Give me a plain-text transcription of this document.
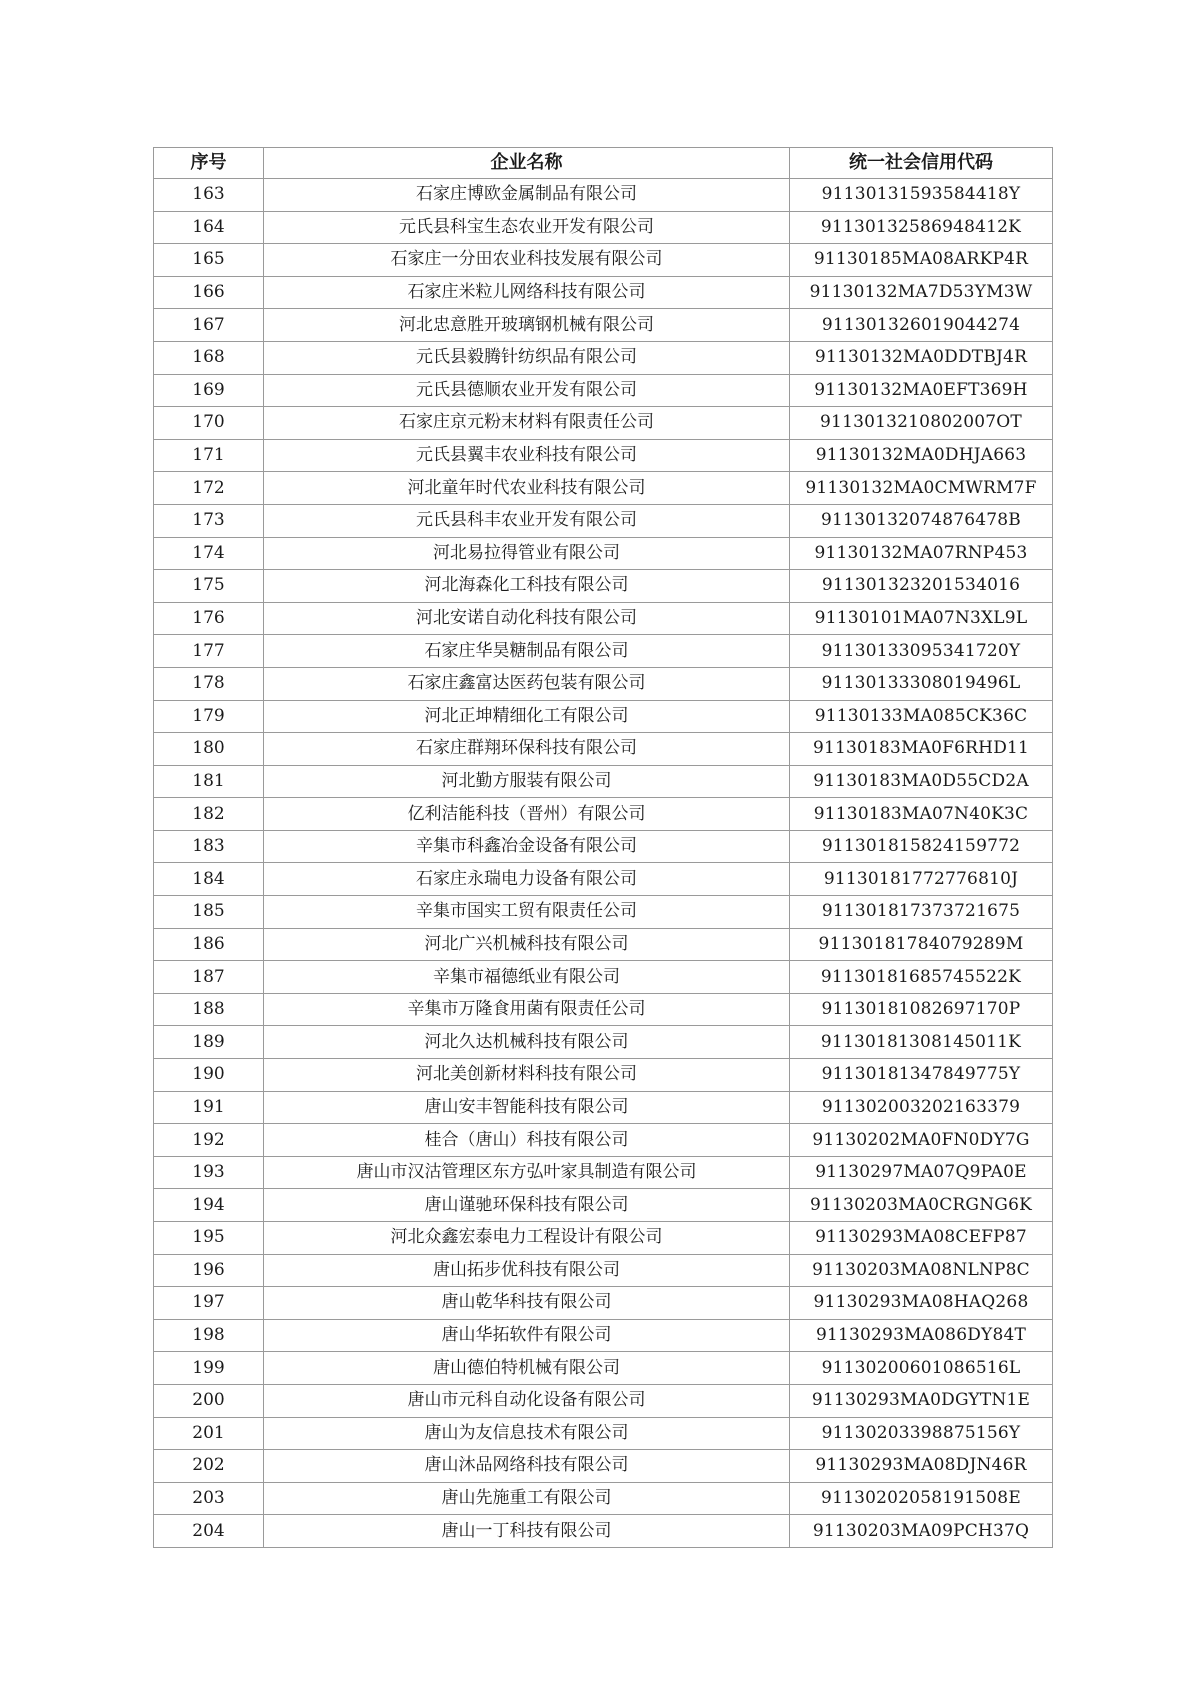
序号	企业名称	统一社会信用代码
163	石家庄博欧金属制品有限公司	91130131593584418Y
164	元氏县科宝生态农业开发有限公司	91130132586948412K
165	石家庄一分田农业科技发展有限公司	91130185MA08ARKP4R
166	石家庄米粒儿网络科技有限公司	91130132MA7D53YM3W
167	河北忠意胜开玻璃钢机械有限公司	911301326019044274
168	元氏县毅腾针纺织品有限公司	91130132MA0DDTBJ4R
169	元氏县德顺农业开发有限公司	91130132MA0EFT369H
170	石家庄京元粉末材料有限责任公司	9113013210802007OT
171	元氏县翼丰农业科技有限公司	91130132MA0DHJA663
172	河北童年时代农业科技有限公司	91130132MA0CMWRM7F
173	元氏县科丰农业开发有限公司	91130132074876478B
174	河北易拉得管业有限公司	91130132MA07RNP453
175	河北海森化工科技有限公司	911301323201534016
176	河北安诺自动化科技有限公司	91130101MA07N3XL9L
177	石家庄华昊糖制品有限公司	91130133095341720Y
178	石家庄鑫富达医药包装有限公司	91130133308019496L
179	河北正坤精细化工有限公司	91130133MA085CK36C
180	石家庄群翔环保科技有限公司	91130183MA0F6RHD11
181	河北勤方服装有限公司	91130183MA0D55CD2A
182	亿利洁能科技（晋州）有限公司	91130183MA07N40K3C
183	辛集市科鑫冶金设备有限公司	911301815824159772
184	石家庄永瑞电力设备有限公司	91130181772776810J
185	辛集市国实工贸有限责任公司	911301817373721675
186	河北广兴机械科技有限公司	91130181784079289M
187	辛集市福德纸业有限公司	91130181685745522K
188	辛集市万隆食用菌有限责任公司	91130181082697170P
189	河北久达机械科技有限公司	91130181308145011K
190	河北美创新材料科技有限公司	91130181347849775Y
191	唐山安丰智能科技有限公司	911302003202163379
192	桂合（唐山）科技有限公司	91130202MA0FN0DY7G
193	唐山市汉沽管理区东方弘叶家具制造有限公司	91130297MA07Q9PA0E
194	唐山谨驰环保科技有限公司	91130203MA0CRGNG6K
195	河北众鑫宏泰电力工程设计有限公司	91130293MA08CEFP87
196	唐山拓步优科技有限公司	91130203MA08NLNP8C
197	唐山乾华科技有限公司	91130293MA08HAQ268
198	唐山华拓软件有限公司	91130293MA086DY84T
199	唐山德伯特机械有限公司	91130200601086516L
200	唐山市元科自动化设备有限公司	91130293MA0DGYTN1E
201	唐山为友信息技术有限公司	91130203398875156Y
202	唐山沐品网络科技有限公司	91130293MA08DJN46R
203	唐山先施重工有限公司	91130202058191508E
204	唐山一丁科技有限公司	91130203MA09PCH37Q
